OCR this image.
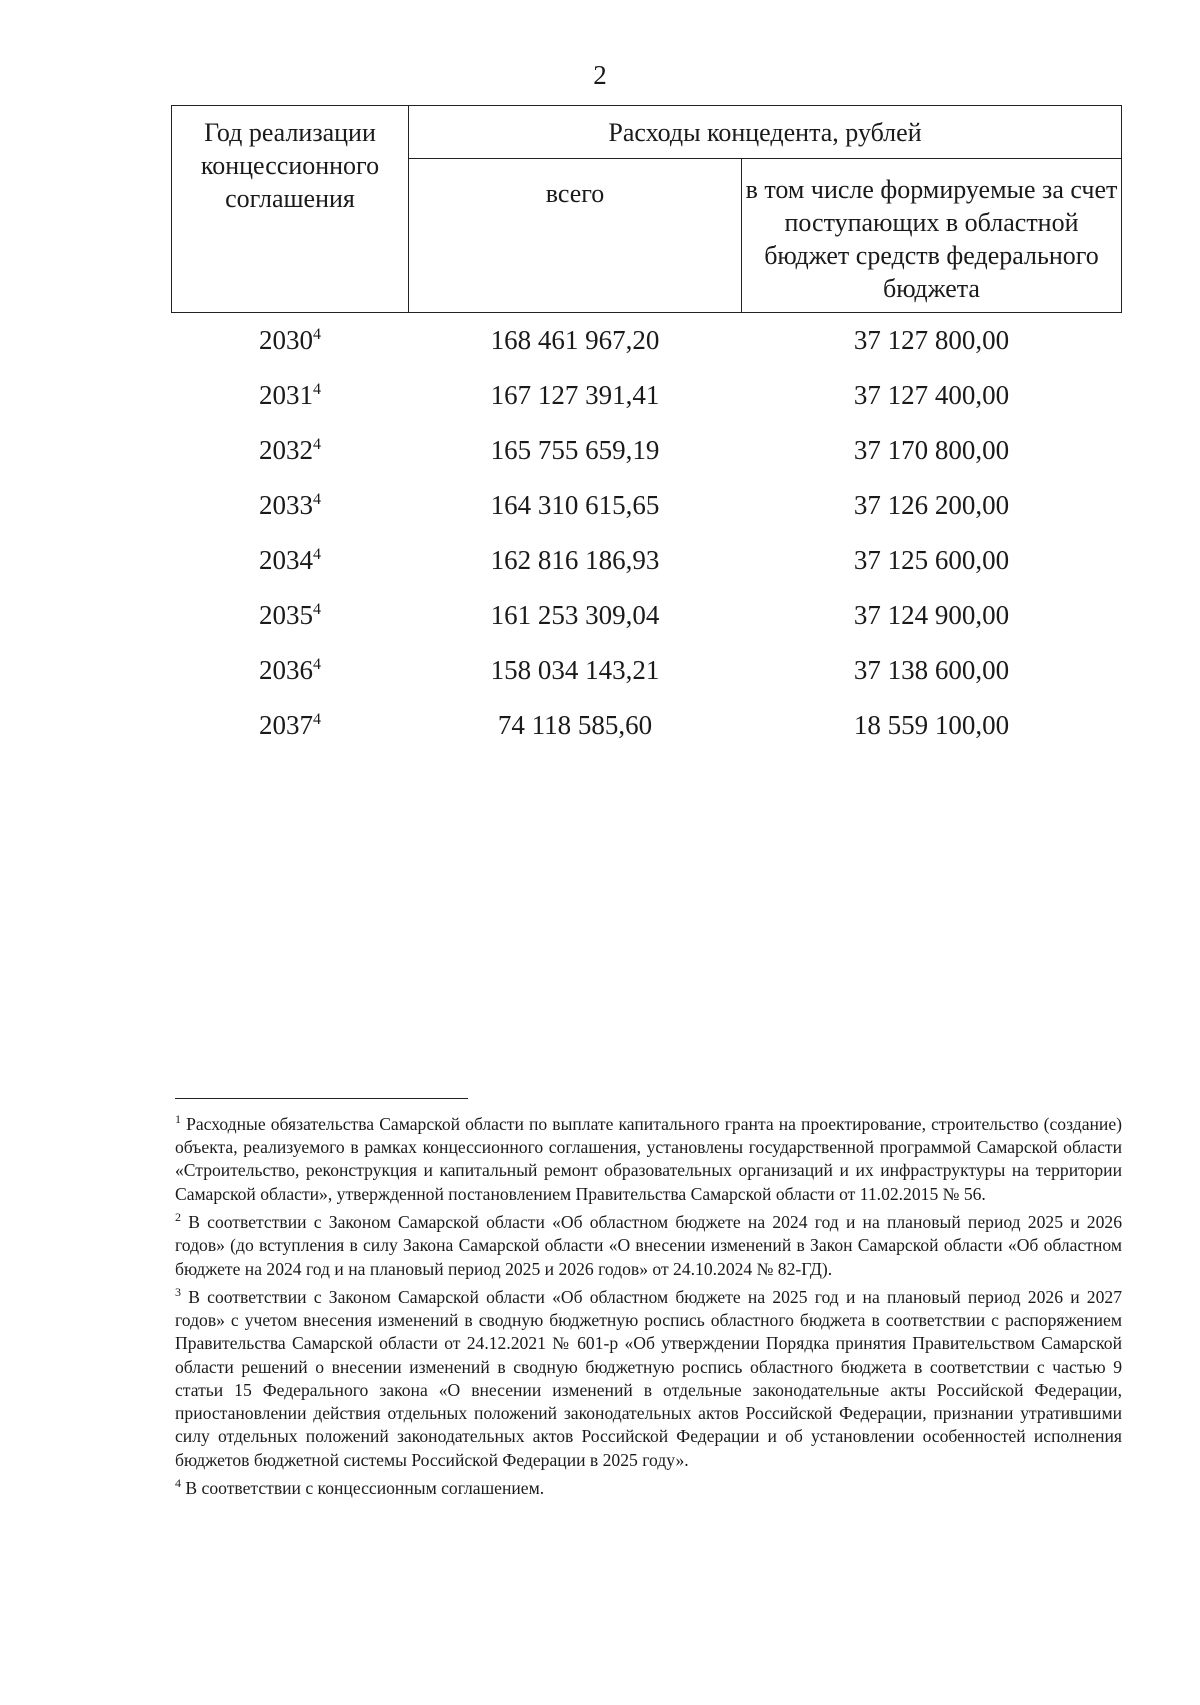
2
Год реализации концессионного соглашения	Расходы концедента, рублей	
	всего	в том числе формируемые за счет поступающих в областной бюджет средств федерального бюджета
2030$^4$	168 461 967,20	37 127 800,00
2031$^4$	167 127 391,41	37 127 400,00
2032$^4$	165 755 659,19	37 170 800,00
2033$^4$	164 310 615,65	37 126 200,00
2034$^4$	162 816 186,93	37 125 600,00
2035$^4$	161 253 309,04	37 124 900,00
2036$^4$	158 034 143,21	37 138 600,00
2037$^4$	74 118 585,60	18 559 100,00

$^1$ Расходные обязательства Самарской области по выплате капитального гранта на проектирование, строительство (создание) объекта, реализуемого в рамках концессионного соглашения, установлены государственной программой Самарской области «Строительство, реконструкция и капитальный ремонт образовательных организаций и их инфраструктуры на территории Самарской области», утвержденной постановлением Правительства Самарской области от 11.02.2015 № 56.

$^2$ В соответствии с Законом Самарской области «Об областном бюджете на 2024 год и на плановый период 2025 и 2026 годов» (до вступления в силу Закона Самарской области «О внесении изменений в Закон Самарской области «Об областном бюджете на 2024 год и на плановый период 2025 и 2026 годов» от 24.10.2024 № 82-ГД).

$^3$ В соответствии с Законом Самарской области «Об областном бюджете на 2025 год и на плановый период 2026 и 2027 годов» с учетом внесения изменений в сводную бюджетную роспись областного бюджета в соответствии с распоряжением Правительства Самарской области от 24.12.2021 № 601-р «Об утверждении Порядка принятия Правительством Самарской области решений о внесении изменений в сводную бюджетную роспись областного бюджета в соответствии с частью 9 статьи 15 Федерального закона «О внесении изменений в отдельные законодательные акты Российской Федерации, приостановлении действия отдельных положений законодательных актов Российской Федерации, признании утратившими силу отдельных положений законодательных актов Российской Федерации и об установлении особенностей исполнения бюджетов бюджетной системы Российской Федерации в 2025 году».

$^4$ В соответствии с концессионным соглашением.
